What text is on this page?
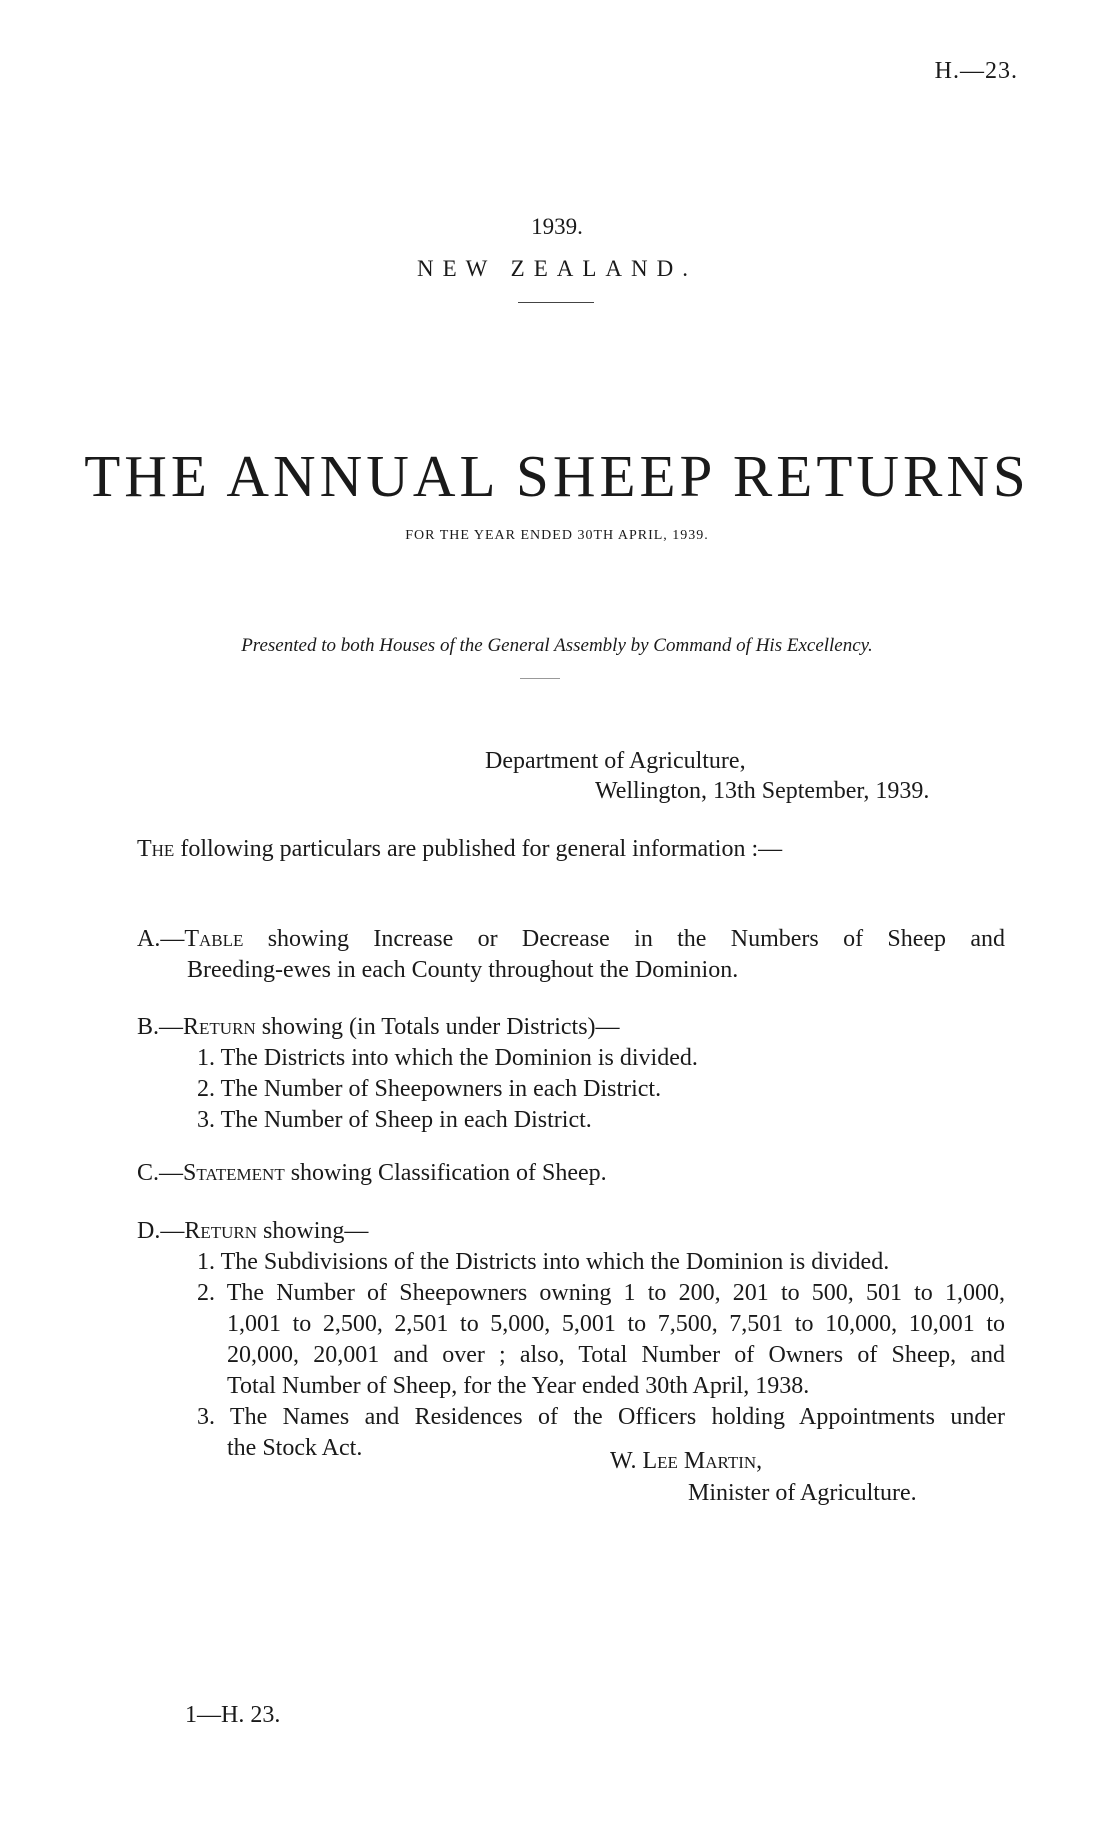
H.—23.
1939.
NEW ZEALAND.
THE ANNUAL SHEEP RETURNS
FOR THE YEAR ENDED 30TH APRIL, 1939.
Presented to both Houses of the General Assembly by Command of His Excellency.
Department of Agriculture,
Wellington, 13th September, 1939.
The following particulars are published for general information :—
A.—Table showing Increase or Decrease in the Numbers of Sheep and
Breeding-ewes in each County throughout the Dominion.
B.—Return showing (in Totals under Districts)—
1. The Districts into which the Dominion is divided.
2. The Number of Sheepowners in each District.
3. The Number of Sheep in each District.
C.—Statement showing Classification of Sheep.
D.—Return showing—
1. The Subdivisions of the Districts into which the Dominion is divided.
2. The Number of Sheepowners owning 1 to 200, 201 to 500, 501 to 1,000,
1,001 to 2,500, 2,501 to 5,000, 5,001 to 7,500, 7,501 to 10,000, 10,001 to
20,000, 20,001 and over ; also, Total Number of Owners of Sheep, and
Total Number of Sheep, for the Year ended 30th April, 1938.
3. The Names and Residences of the Officers holding Appointments under
the Stock Act.	W. Lee Martin,
Minister of Agriculture.
1—H. 23.
